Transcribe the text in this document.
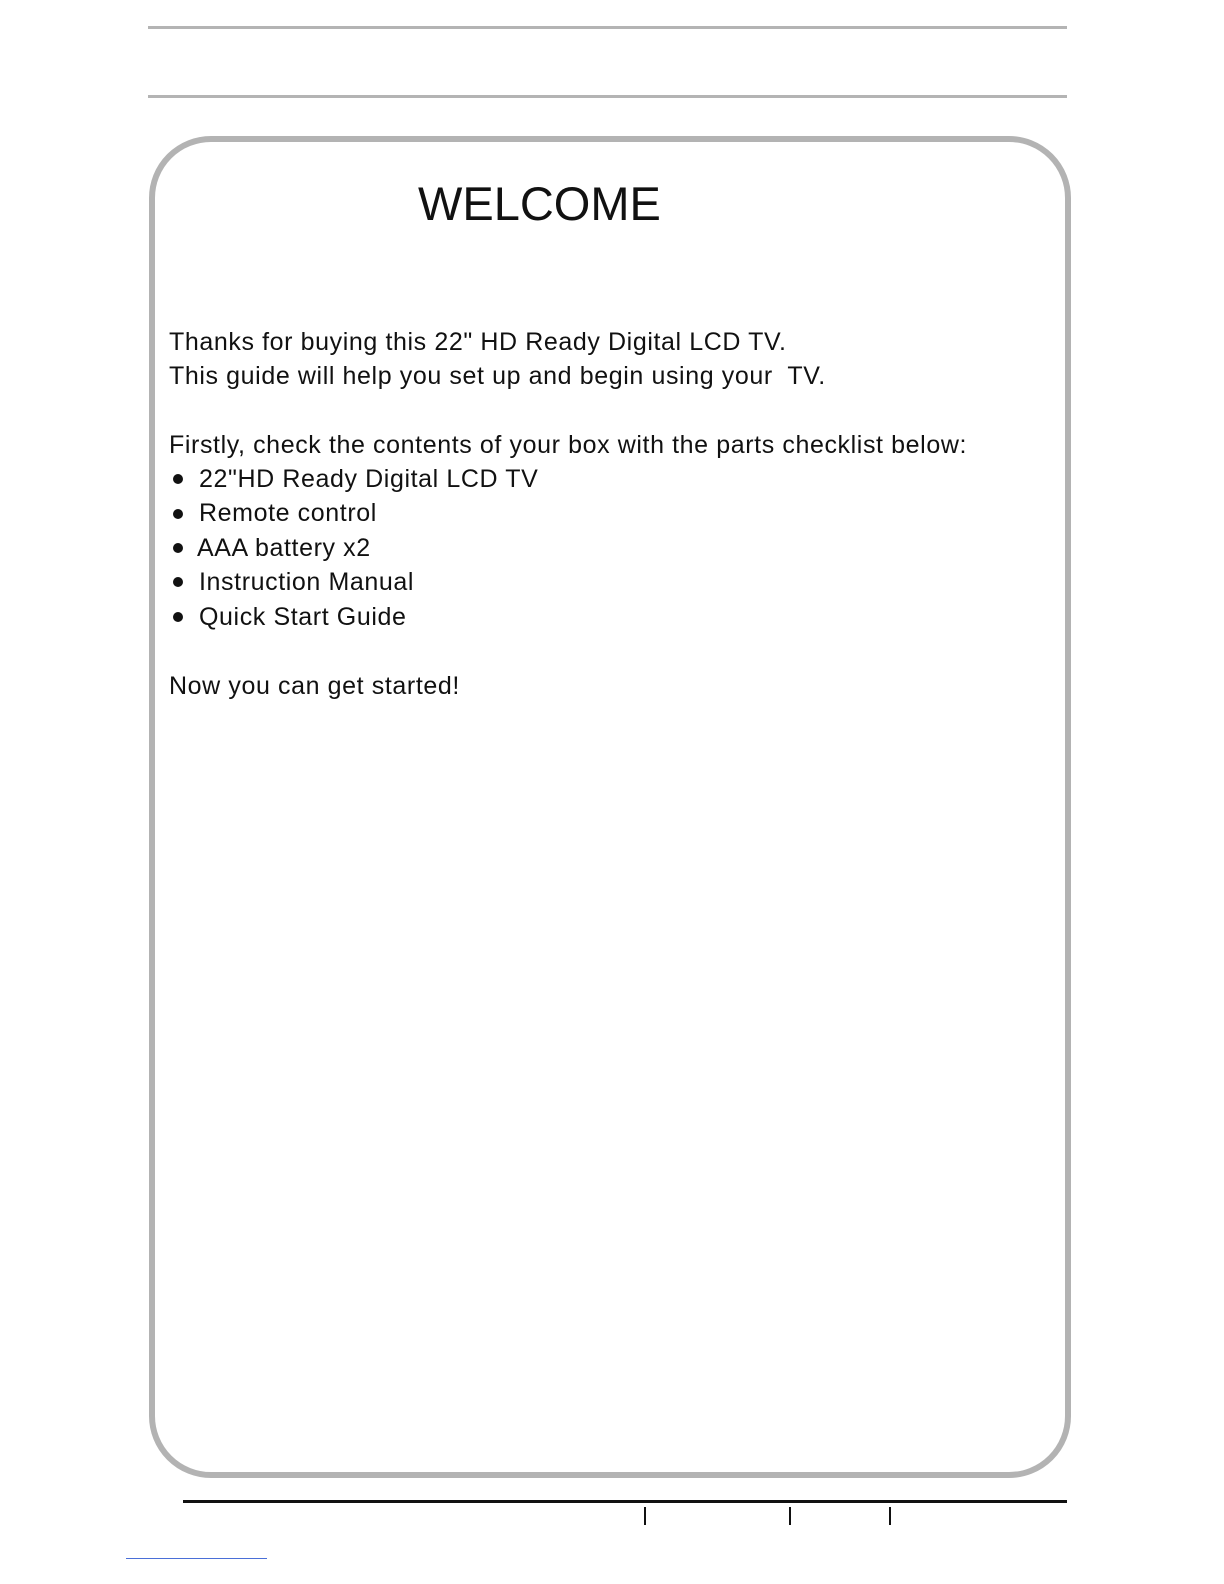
WELCOME

Thanks for buying this 22" HD Ready Digital LCD TV.

This guide will help you set up and begin using your  TV.

Firstly, check the contents of your box with the parts checklist below:

22"HD Ready Digital LCD TV
Remote control
AAA battery x2
Instruction Manual
Quick Start Guide

Now you can get started!
